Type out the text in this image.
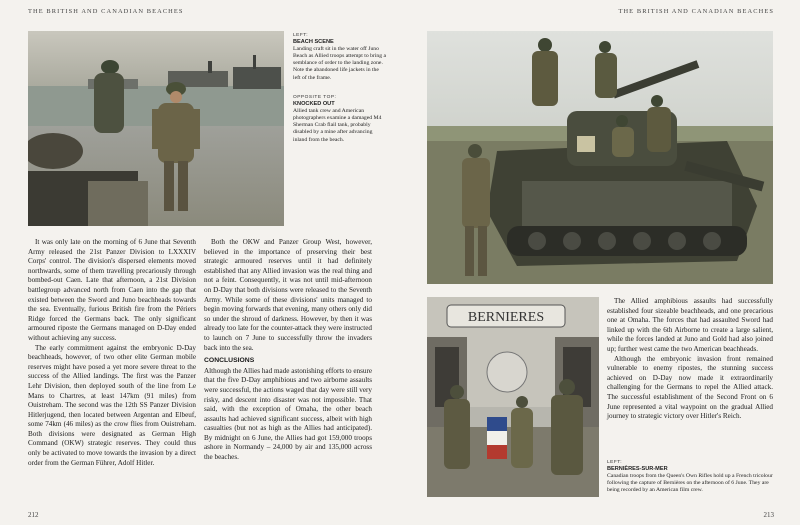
THE BRITISH AND CANADIAN BEACHES
LEFT:
BEACH SCENE
Landing craft sit in the water off Juno Beach as Allied troops attempt to bring a semblance of order to the landing zone. Note the abandoned life jackets in the left of the frame.
OPPOSITE TOP:
KNOCKED OUT
Allied tank crew and American photographers examine a damaged M4 Sherman Crab flail tank, probably disabled by a mine after advancing inland from the beach.

It was only late on the morning of 6 June that Seventh Army released the 21st Panzer Division to LXXXIV Corps' control. The division's dispersed elements moved northwards, some of them travelling precariously through bombed-out Caen. Late that afternoon, a 21st Division battlegroup advanced north from Caen into the gap that existed between the Sword and Juno beachheads towards the sea. Eventually, furious British fire from the Périers Ridge forced the Germans back. The only significant armoured riposte the Germans managed on D-Day ended without achieving any success.

The early commitment against the embryonic D-Day beachheads, however, of two other elite German mobile reserves might have posed a yet more severe threat to the success of the Allied landings. The first was the Panzer Lehr Division, then deployed south of the line from Le Mans to Chartres, at least 147km (91 miles) from Ouistreham. The second was the 12th SS Panzer Division Hitlerjugend, then located between Argentan and Elbeuf, some 74km (46 miles) as the crow flies from Ouistreham. Both divisions were designated as German High Command (OKW) strategic reserves. They could thus only be activated to move towards the invasion by a direct order from the German Führer, Adolf Hitler.

Both the OKW and Panzer Group West, however, believed in the importance of preserving their best strategic armoured reserves until it had definitely established that any Allied invasion was the real thing and not a feint. Consequently, it was not until mid-afternoon on D-Day that both divisions were released to the Seventh Army. While some of these divisions' units managed to begin moving forwards that evening, many others only did so under the shroud of darkness. However, by then it was already too late for the counter-attack they were instructed to launch on 7 June to successfully throw the invaders back into the sea.

CONCLUSIONS

Although the Allies had made astonishing efforts to ensure that the five D-Day amphibious and two airborne assaults were successful, the actions waged that day were still very risky, and descent into disaster was not impossible. That said, with the exception of Omaha, the other beach assaults had achieved significant success, albeit with high casualties (but not as high as the Allies had anticipated). By midnight on 6 June, the Allies had got 159,000 troops ashore in Normandy – 24,000 by air and 135,000 across the beaches.

212
THE BRITISH AND CANADIAN BEACHES
BERNIERES

The Allied amphibious assaults had successfully established four sizeable beachheads, and one precarious one at Omaha. The forces that had assaulted Sword had linked up with the 6th Airborne to create a large salient, while the forces landed at Juno and Gold had also joined up; further west came the two American beachheads.

Although the embryonic invasion front remained vulnerable to enemy ripostes, the stunning success achieved on D-Day now made it extraordinarily challenging for the Germans to repel the Allied attack. The successful establishment of the Second Front on 6 June represented a vital waypoint on the gradual Allied journey to strategic victory over Hitler's Reich.

LEFT:
BERNIÈRES-SUR-MER
Canadian troops from the Queen's Own Rifles hold up a French tricolour following the capture of Bernières on the afternoon of 6 June. They are being recorded by an American film crew.
213
